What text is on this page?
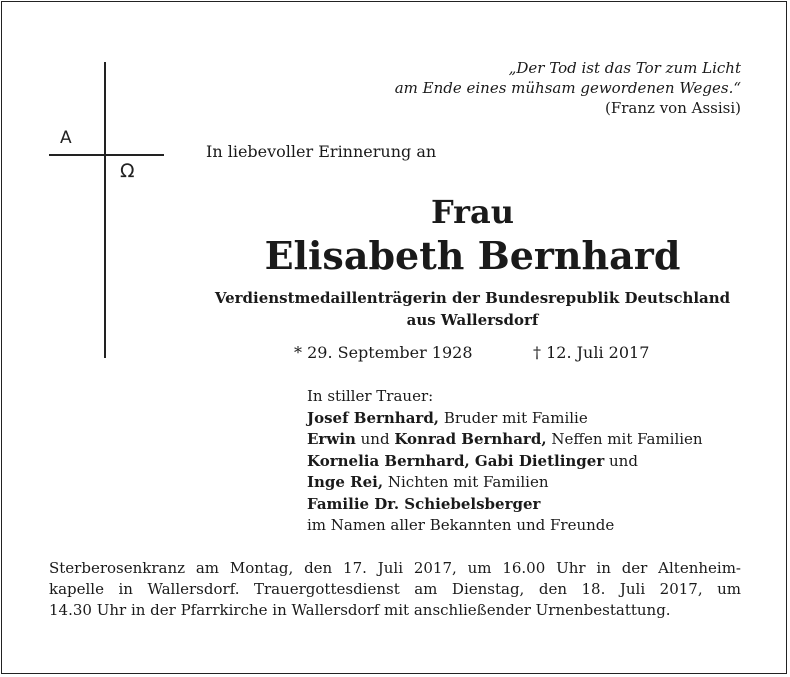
A
Ω
„Der Tod ist das Tor zum Licht
am Ende eines mühsam gewordenen Weges.“
(Franz von Assisi)
In liebevoller Erinnerung an
Frau
Elisabeth Bernhard
Verdienstmedaillenträgerin der Bundesrepublik Deutschland
aus Wallersdorf
* 29. September 1928	† 12. Juli 2017
In stiller Trauer:
Josef Bernhard, Bruder mit Familie
Erwin und Konrad Bernhard, Neffen mit Familien
Kornelia Bernhard, Gabi Dietlinger und
Inge Rei, Nichten mit Familien
Familie Dr. Schiebelsberger
im Namen aller Bekannten und Freunde
Sterberosenkranz am Montag, den 17. Juli 2017, um 16.00 Uhr in der Altenheim-
kapelle in Wallersdorf. Trauergottesdienst am Dienstag, den 18. Juli 2017, um
14.30 Uhr in der Pfarrkirche in Wallersdorf mit anschließender Urnenbestattung.
